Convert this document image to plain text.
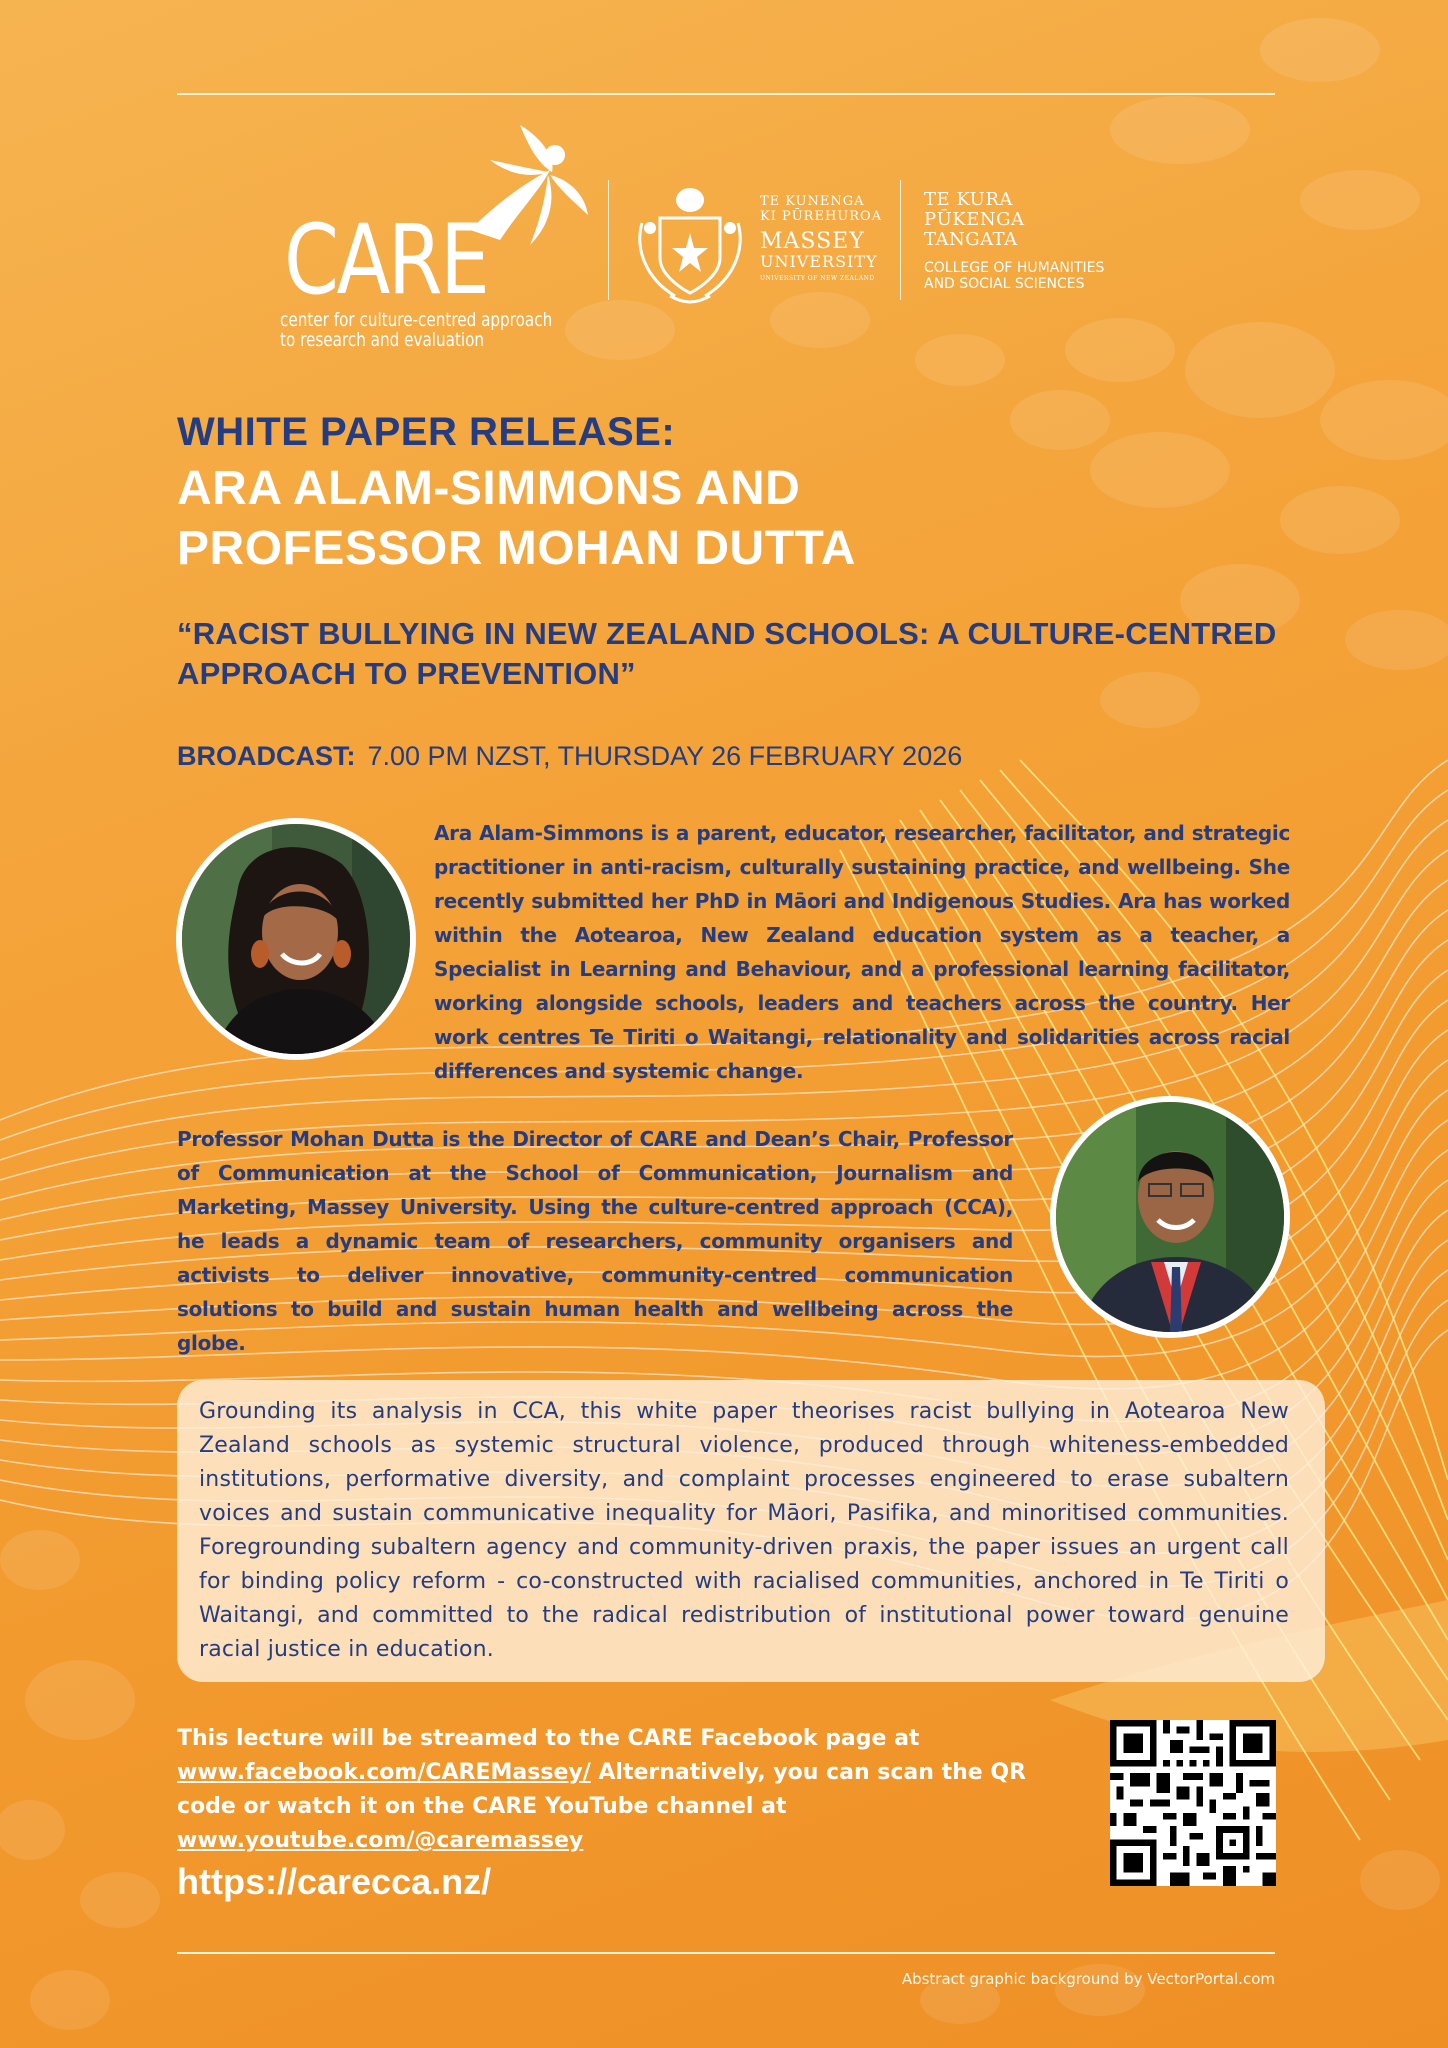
CARE
center for culture-centred approach
to research and evaluation
TE KUNENGA
KI PŪREHUROA
MASSEY
UNIVERSITY
UNIVERSITY OF NEW ZEALAND
TE KURA
PŪKENGA
TANGATA
COLLEGE OF HUMANITIES
AND SOCIAL SCIENCES
WHITE PAPER RELEASE:
ARA ALAM-SIMMONS AND
PROFESSOR MOHAN DUTTA
“RACIST BULLYING IN NEW ZEALAND SCHOOLS: A CULTURE-CENTRED APPROACH TO PREVENTION”
BROADCAST: 7.00 PM NZST, THURSDAY 26 FEBRUARY 2026
Ara Alam-Simmons is a parent, educator, researcher, facilitator, and strategic practitioner in anti-racism, culturally sustaining practice, and wellbeing. She recently submitted her PhD in Māori and Indigenous Studies. Ara has worked within the Aotearoa, New Zealand education system as a teacher, a Specialist in Learning and Behaviour, and a professional learning facilitator, working alongside schools, leaders and teachers across the country. Her work centres Te Tiriti o Waitangi, relationality and solidarities across racial differences and systemic change.
Professor Mohan Dutta is the Director of CARE and Dean’s Chair, Professor of Communication at the School of Communication, Journalism and Marketing, Massey University. Using the culture-centred approach (CCA), he leads a dynamic team of researchers, community organisers and activists to deliver innovative, community-centred communication solutions to build and sustain human health and wellbeing across the globe.
Grounding its analysis in CCA, this white paper theorises racist bullying in Aotearoa New Zealand schools as systemic structural violence, produced through whiteness-embedded institutions, performative diversity, and complaint processes engineered to erase subaltern voices and sustain communicative inequality for Māori, Pasifika, and minoritised communities. Foregrounding subaltern agency and community-driven praxis, the paper issues an urgent call for binding policy reform - co-constructed with racialised communities, anchored in Te Tiriti o Waitangi, and committed to the radical redistribution of institutional power toward genuine racial justice in education.
This lecture will be streamed to the CARE Facebook page at www.facebook.com/CAREMassey/ Alternatively, you can scan the QR code or watch it on the CARE YouTube channel at www.youtube.com/@caremassey
https://carecca.nz/
Abstract graphic background by VectorPortal.com
